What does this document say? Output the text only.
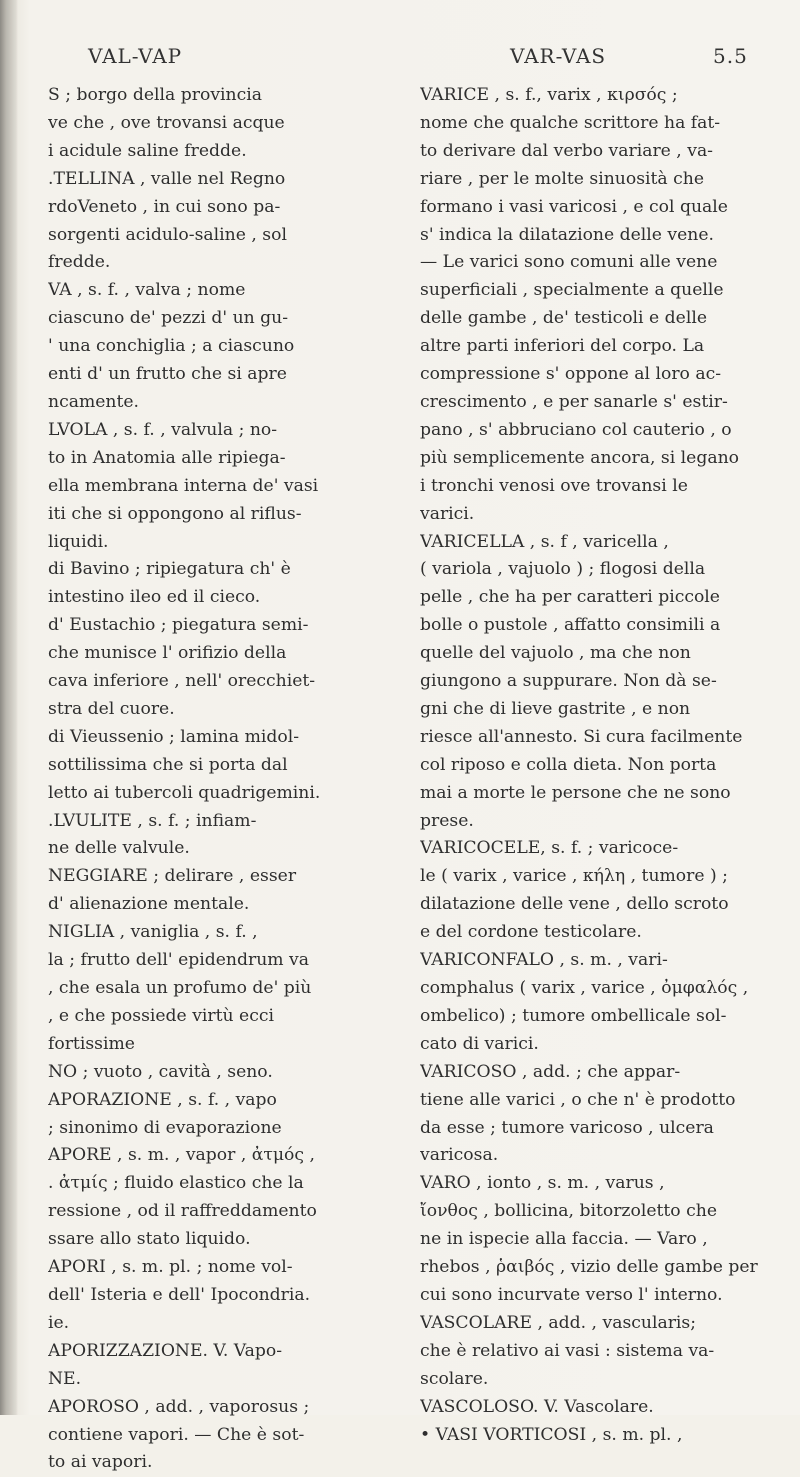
VAL-VAP	VAR-VAS	5.5
S ; borgo della provincia
ve che , ove trovansi acque
i acidule saline fredde.
.TELLINA , valle nel Regno
rdoVeneto , in cui sono pa-
sorgenti acidulo-saline , sol
fredde.
VA , s. f. , valva ; nome
ciascuno de' pezzi d' un gu-
' una conchiglia ; a ciascuno
enti d' un frutto che si apre
ncamente.
LVOLA , s. f. , valvula ; no-
to in Anatomia alle ripiega-
ella membrana interna de' vasi
iti che si oppongono al riflus-
liquidi.
di Bavino ; ripiegatura ch' è
intestino ileo ed il cieco.
d' Eustachio ; piegatura semi-
che munisce l' orifizio della
cava inferiore , nell' orecchiet-
stra del cuore.
di Vieussenio ; lamina midol-
sottilissima che si porta dal
letto ai tubercoli quadrigemini.
.LVULITE , s. f. ; infiam-
ne delle valvule.
NEGGIARE ; delirare , esser
d' alienazione mentale.
NIGLIA , vaniglia , s. f. ,
la ; frutto dell' epidendrum va
, che esala un profumo de' più
, e che possiede virtù ecci
fortissime
NO ; vuoto , cavità , seno.
APORAZIONE , s. f. , vapo
; sinonimo di evaporazione
APORE , s. m. , vapor , ἀτμός ,
. ἀτμίς ; fluido elastico che la
ressione , od il raffreddamento
ssare allo stato liquido.
APORI , s. m. pl. ; nome vol-
dell' Isteria e dell' Ipocondria.
ie.
APORIZZAZIONE. V. Vapo-
NE.
APOROSO , add. , vaporosus ;
contiene vapori. — Che è sot-
to ai vapori.
VARICE , s. f., varix , κιρσός ;
nome che qualche scrittore ha fat-
to derivare dal verbo variare , va-
riare , per le molte sinuosità che
formano i vasi varicosi , e col quale
s' indica la dilatazione delle vene.
— Le varici sono comuni alle vene
superficiali , specialmente a quelle
delle gambe , de' testicoli e delle
altre parti inferiori del corpo. La
compressione s' oppone al loro ac-
crescimento , e per sanarle s' estir-
pano , s' abbruciano col cauterio , o
più semplicemente ancora, si legano
i tronchi venosi ove trovansi le
varici.
VARICELLA , s. f , varicella ,
( variola , vajuolo ) ; flogosi della
pelle , che ha per caratteri piccole
bolle o pustole , affatto consimili a
quelle del vajuolo , ma che non
giungono a suppurare. Non dà se-
gni che di lieve gastrite , e non
riesce all'annesto. Si cura facilmente
col riposo e colla dieta. Non porta
mai a morte le persone che ne sono
prese.
VARICOCELE, s. f. ; varicoce-
le ( varix , varice , κήλη , tumore ) ;
dilatazione delle vene , dello scroto
e del cordone testicolare.
VARICONFALO , s. m. , vari-
comphalus ( varix , varice , ὀμφαλός ,
ombelico) ; tumore ombellicale sol-
cato di varici.
VARICOSO , add. ; che appar-
tiene alle varici , o che n' è prodotto
da esse ; tumore varicoso , ulcera
varicosa.
VARO , ionto , s. m. , varus ,
ἴονθος , bollicina, bitorzoletto che
ne in ispecie alla faccia. — Varo ,
rhebos , ῥαιβός , vizio delle gambe per
cui sono incurvate verso l' interno.
VASCOLARE , add. , vascularis;
che è relativo ai vasi : sistema va-
scolare.
VASCOLOSO. V. Vascolare.
• VASI VORTICOSI , s. m. pl. ,
